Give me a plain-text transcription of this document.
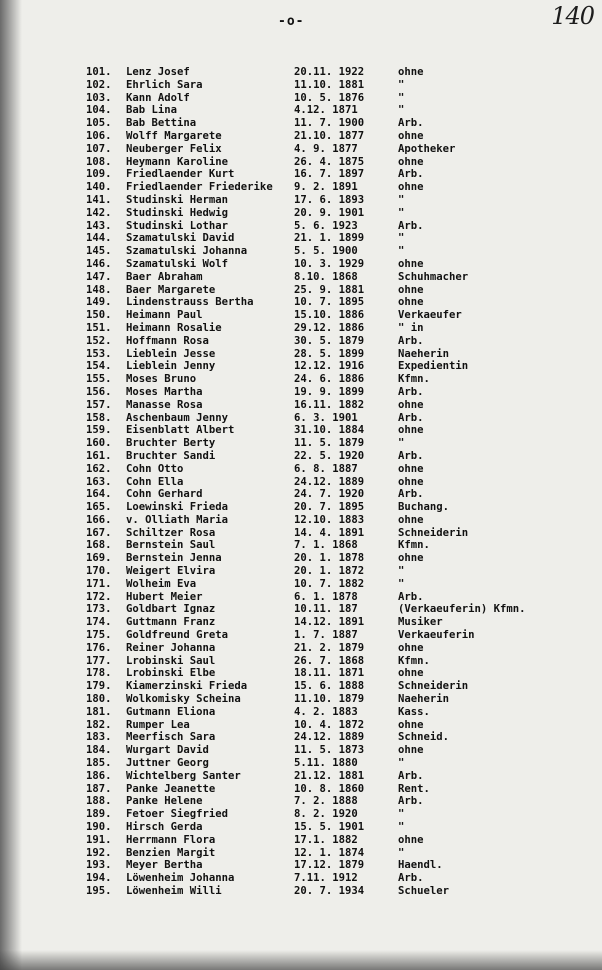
140
-o-
101.	Lenz Josef	20.11. 1922	ohne
102.	Ehrlich Sara	11.10. 1881	"
103.	Kann Adolf	10. 5. 1876	"
104.	Bab Lina	4.12. 1871	"
105.	Bab Bettina	11. 7. 1900	Arb.
106.	Wolff Margarete	21.10. 1877	ohne
107.	Neuberger Felix	4. 9. 1877	Apotheker
108.	Heymann Karoline	26. 4. 1875	ohne
109.	Friedlaender Kurt	16. 7. 1897	Arb.
140.	Friedlaender Friederike	9. 2. 1891	ohne
141.	Studinski Herman	17. 6. 1893	"
142.	Studinski Hedwig	20. 9. 1901	"
143.	Studinski Lothar	5. 6. 1923	Arb.
144.	Szamatulski David	21. 1. 1899	"
145.	Szamatulski Johanna	5. 5. 1900	"
146.	Szamatulski Wolf	10. 3. 1929	ohne
147.	Baer Abraham	8.10. 1868	Schuhmacher
148.	Baer Margarete	25. 9. 1881	ohne
149.	Lindenstrauss Bertha	10. 7. 1895	ohne
150.	Heimann Paul	15.10. 1886	Verkaeufer
151.	Heimann Rosalie	29.12. 1886	" in
152.	Hoffmann Rosa	30. 5. 1879	Arb.
153.	Lieblein Jesse	28. 5. 1899	Naeherin
154.	Lieblein Jenny	12.12. 1916	Expedientin
155.	Moses Bruno	24. 6. 1886	Kfmn.
156.	Moses Martha	19. 9. 1899	Arb.
157.	Manasse Rosa	16.11. 1882	ohne
158.	Aschenbaum Jenny	6. 3. 1901	Arb.
159.	Eisenblatt Albert	31.10. 1884	ohne
160.	Bruchter Berty	11. 5. 1879	"
161.	Bruchter Sandi	22. 5. 1920	Arb.
162.	Cohn Otto	6. 8. 1887	ohne
163.	Cohn Ella	24.12. 1889	ohne
164.	Cohn Gerhard	24. 7. 1920	Arb.
165.	Loewinski Frieda	20. 7. 1895	Buchang.
166.	v. Olliath Maria	12.10. 1883	ohne
167.	Schiltzer Rosa	14. 4. 1891	Schneiderin
168.	Bernstein Saul	7. 1. 1868	Kfmn.
169.	Bernstein Jenna	20. 1. 1878	ohne
170.	Weigert Elvira	20. 1. 1872	"
171.	Wolheim Eva	10. 7. 1882	"
172.	Hubert Meier	6. 1. 1878	Arb.
173.	Goldbart Ignaz	10.11. 187	(Verkaeuferin) Kfmn.
174.	Guttmann Franz	14.12. 1891	Musiker
175.	Goldfreund Greta	1. 7. 1887	Verkaeuferin
176.	Reiner Johanna	21. 2. 1879	ohne
177.	Lrobinski Saul	26. 7. 1868	Kfmn.
178.	Lrobinski Elbe	18.11. 1871	ohne
179.	Kiamerzinski Frieda	15. 6. 1888	Schneiderin
180.	Wolkomisky Scheina	11.10. 1879	Naeherin
181.	Gutmann Eliona	4. 2. 1883	Kass.
182.	Rumper Lea	10. 4. 1872	ohne
183.	Meerfisch Sara	24.12. 1889	Schneid.
184.	Wurgart David	11. 5. 1873	ohne
185.	Juttner Georg	5.11. 1880	"
186.	Wichtelberg Santer	21.12. 1881	Arb.
187.	Panke Jeanette	10. 8. 1860	Rent.
188.	Panke Helene	7. 2. 1888	Arb.
189.	Fetoer Siegfried	8. 2. 1920	"
190.	Hirsch Gerda	15. 5. 1901	"
191.	Herrmann Flora	17.1. 1882	ohne
192.	Benzien Margit	12. 1. 1874	"
193.	Meyer Bertha	17.12. 1879	Haendl.
194.	Löwenheim Johanna	7.11. 1912	Arb.
195.	Löwenheim Willi	20. 7. 1934	Schueler
